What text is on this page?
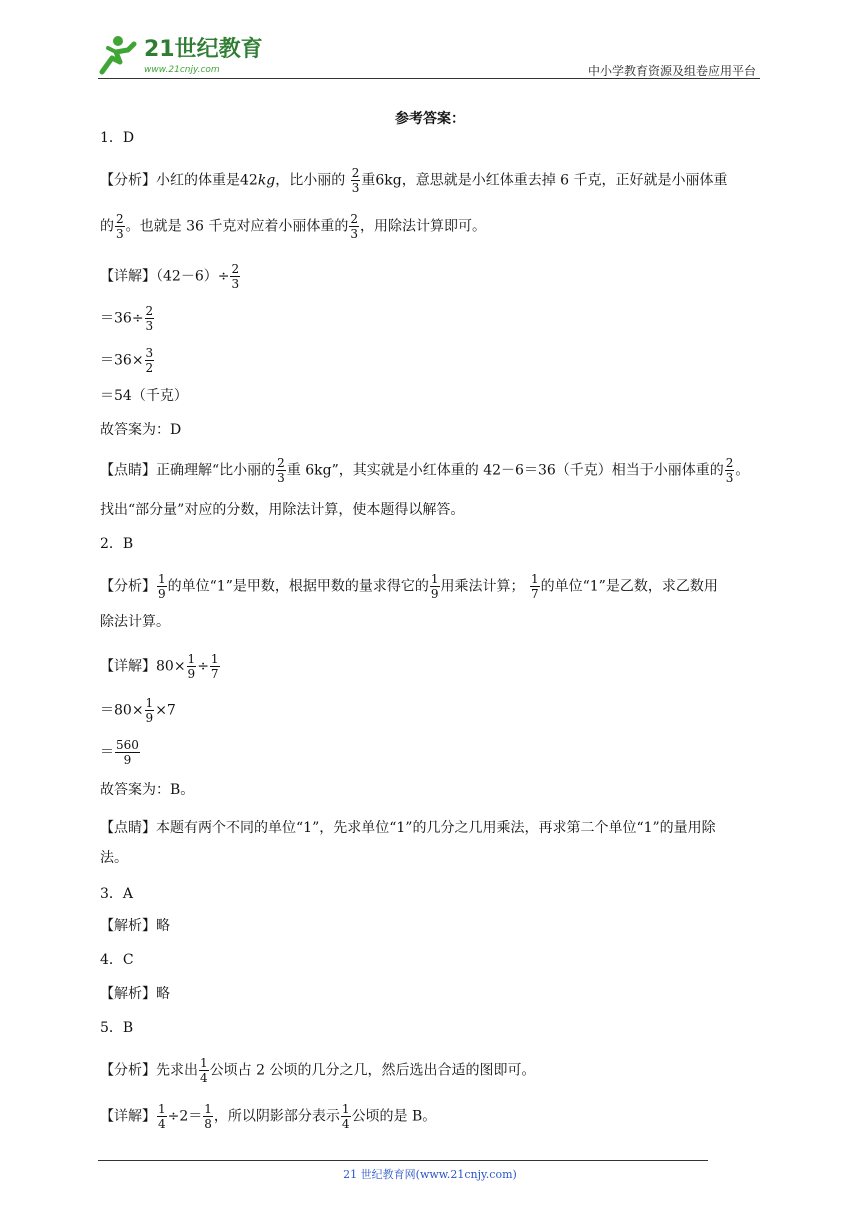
21世纪教育
www.21cnjy.com	中小学教育资源及组卷应用平台
参考答案：
1．D
【分析】小红的体重是42kg，比小丽的 $\frac{2}{3}$ 重6kg，意思就是小红体重去掉 6 千克，正好就是小丽体重
的 $\frac{2}{3}$ 。也就是 36 千克对应着小丽体重的 $\frac{2}{3}$ ，用除法计算即可。
【详解】$(42-6)\div \frac{2}{3}$
$=36\div \frac{2}{3}$
$=36\times \frac{3}{2}$
＝54（千克）
故答案为：D
【点睛】正确理解“比小丽的 $\frac{2}{3}$ 重 6kg”，其实就是小红体重的 42－6＝36（千克）相当于小丽体重的 $\frac{2}{3}$ 。
找出“部分量”对应的分数，用除法计算，使本题得以解答。
2．B
【分析】 $\frac{1}{9}$ 的单位“1”是甲数，根据甲数的量求得它的 $\frac{1}{9}$ 用乘法计算； $\frac{1}{7}$ 的单位“1”是乙数，求乙数用
除法计算。
【详解】$80\times \frac{1}{9} \div \frac{1}{7}$
$=80\times \frac{1}{9} \times 7$
＝ $\frac{560}{9}$
故答案为：B。
【点睛】本题有两个不同的单位“1”，先求单位“1”的几分之几用乘法，再求第二个单位“1”的量用除
法。
3．A
【解析】略
4．C
【解析】略
5．B
【分析】先求出 $\frac{1}{4}$ 公顷占 2 公顷的几分之几，然后选出合适的图即可。
【详解】 $\frac{1}{4} \div 2= \frac{1}{8}$ ，所以阴影部分表示 $\frac{1}{4}$ 公顷的是 B。
21 世纪教育网(www.21cnjy.com)
